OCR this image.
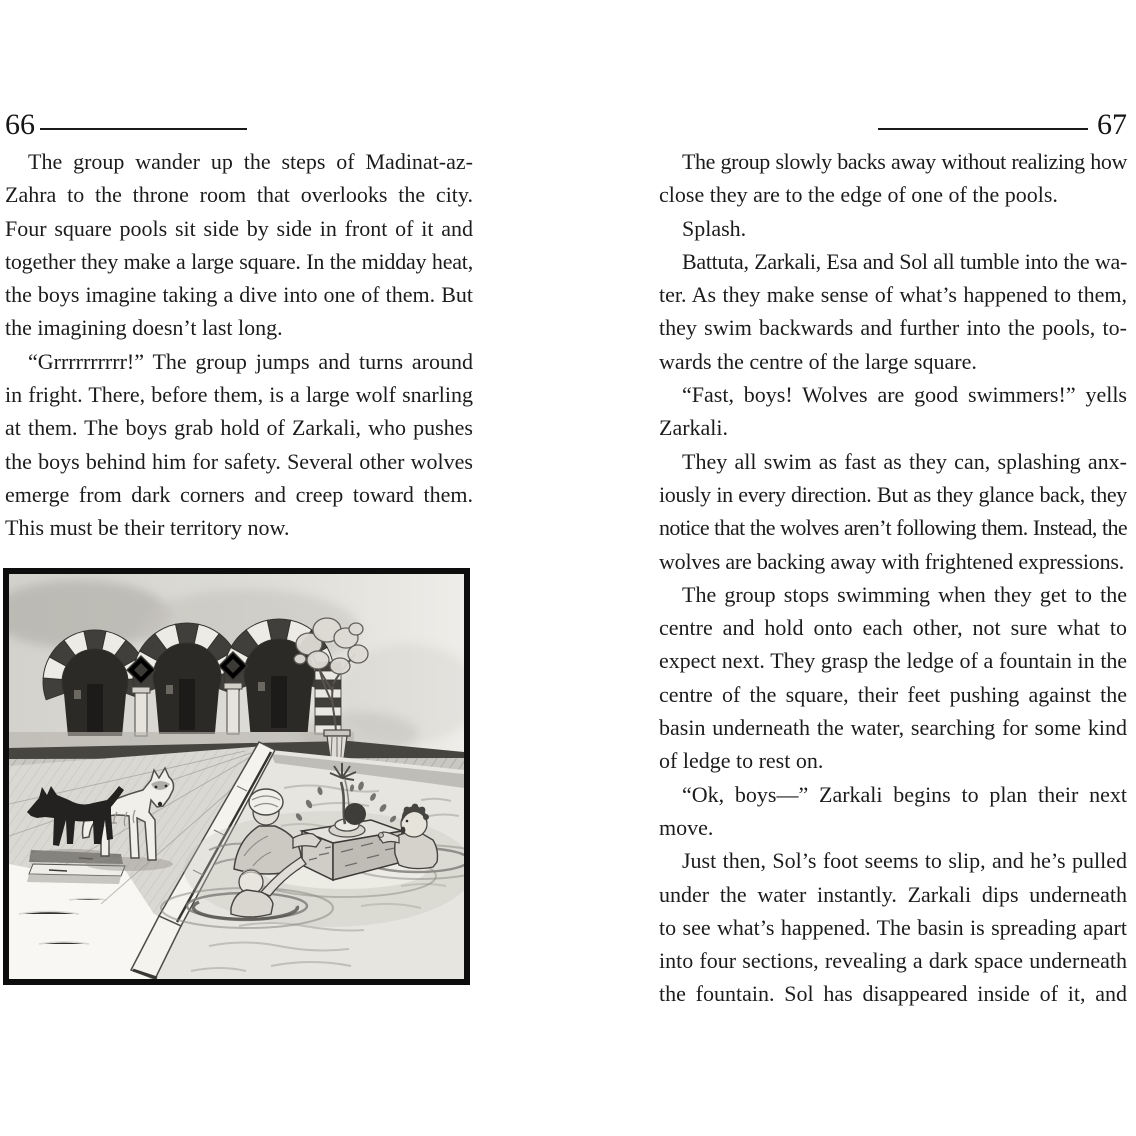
66	67
The group wander up the steps of Madinat-az-
Zahra to the throne room that overlooks the city.
Four square pools sit side by side in front of it and
together they make a large square. In the midday heat,
the boys imagine taking a dive into one of them. But
the imagining doesn’t last long.
“Grrrrrrrrrr!” The group jumps and turns around
in fright. There, before them, is a large wolf snarling
at them. The boys grab hold of Zarkali, who pushes
the boys behind him for safety. Several other wolves
emerge from dark corners and creep toward them.
This must be their territory now.
The group slowly backs away without realizing how
close they are to the edge of one of the pools.
Splash.
Battuta, Zarkali, Esa and Sol all tumble into the wa-
ter. As they make sense of what’s happened to them,
they swim backwards and further into the pools, to-
wards the centre of the large square.
“Fast, boys! Wolves are good swimmers!” yells
Zarkali.
They all swim as fast as they can, splashing anx-
iously in every direction. But as they glance back, they
notice that the wolves aren’t following them. Instead, the
wolves are backing away with frightened expressions.
The group stops swimming when they get to the
centre and hold onto each other, not sure what to
expect next. They grasp the ledge of a fountain in the
centre of the square, their feet pushing against the
basin underneath the water, searching for some kind
of ledge to rest on.
“Ok, boys—” Zarkali begins to plan their next
move.
Just then, Sol’s foot seems to slip, and he’s pulled
under the water instantly. Zarkali dips underneath
to see what’s happened. The basin is spreading apart
into four sections, revealing a dark space underneath
the fountain. Sol has disappeared inside of it, and
